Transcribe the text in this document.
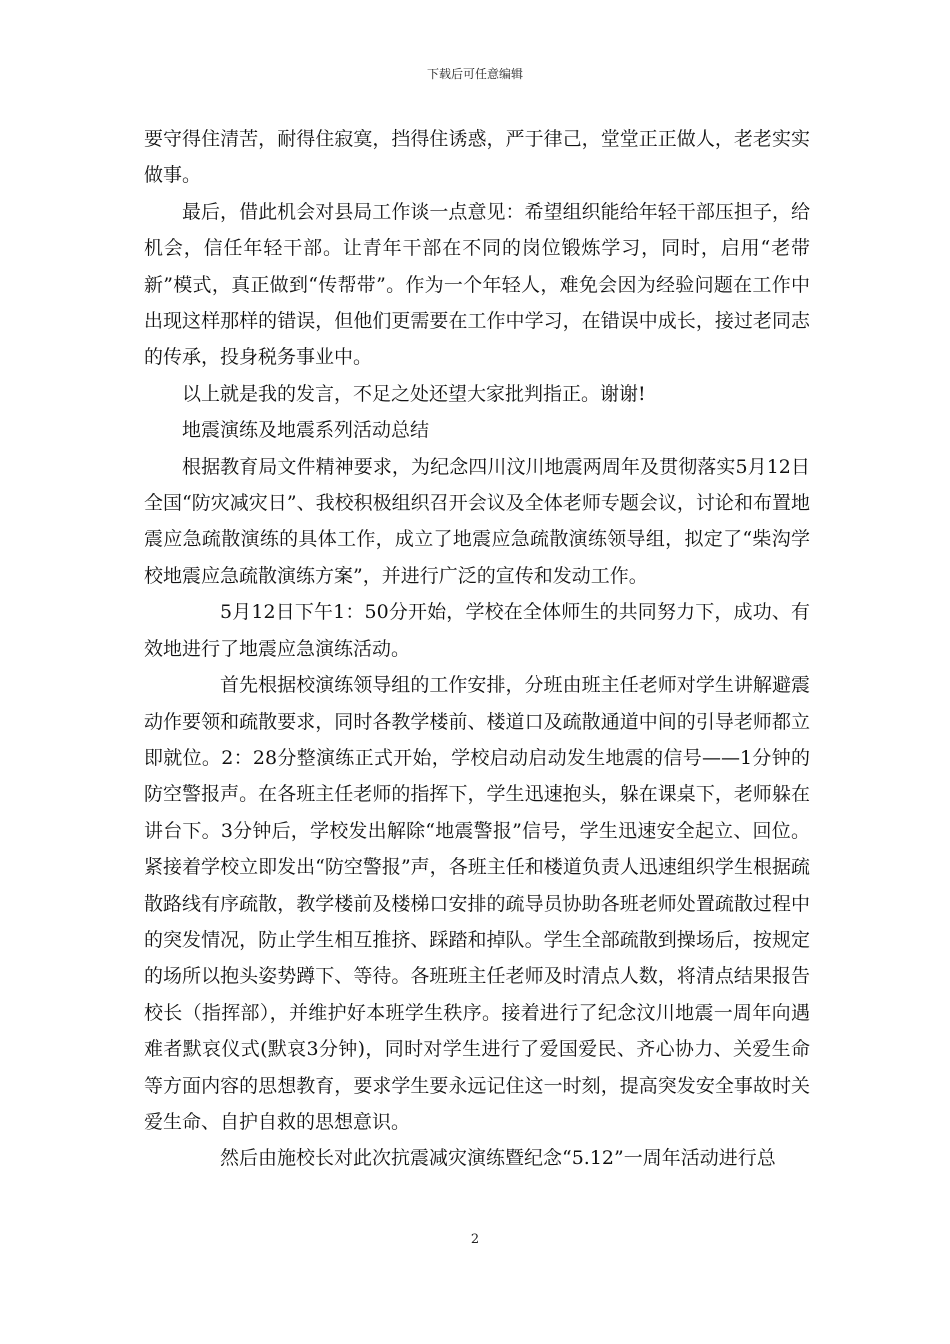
下载后可任意编辑

要守得住清苦，耐得住寂寞，挡得住诱惑，严于律己，堂堂正正做人，老老实实做事。

最后，借此机会对县局工作谈一点意见：希望组织能给年轻干部压担子，给机会，信任年轻干部。让青年干部在不同的岗位锻炼学习，同时，启用“老带新”模式，真正做到“传帮带”。作为一个年轻人，难免会因为经验问题在工作中出现这样那样的错误，但他们更需要在工作中学习，在错误中成长，接过老同志的传承，投身税务事业中。

以上就是我的发言，不足之处还望大家批判指正。谢谢!

地震演练及地震系列活动总结

根据教育局文件精神要求，为纪念四川汶川地震两周年及贯彻落实5月12日全国“防灾减灾日”、我校积极组织召开会议及全体老师专题会议，讨论和布置地震应急疏散演练的具体工作，成立了地震应急疏散演练领导组，拟定了“柴沟学校地震应急疏散演练方案”，并进行广泛的宣传和发动工作。

5月12日下午1：50分开始，学校在全体师生的共同努力下，成功、有效地进行了地震应急演练活动。

首先根据校演练领导组的工作安排，分班由班主任老师对学生讲解避震动作要领和疏散要求，同时各教学楼前、楼道口及疏散通道中间的引导老师都立即就位。2：28分整演练正式开始，学校启动启动发生地震的信号——1分钟的防空警报声。在各班主任老师的指挥下，学生迅速抱头，躲在课桌下，老师躲在讲台下。3分钟后，学校发出解除“地震警报”信号，学生迅速安全起立、回位。紧接着学校立即发出“防空警报”声，各班主任和楼道负责人迅速组织学生根据疏散路线有序疏散，教学楼前及楼梯口安排的疏导员协助各班老师处置疏散过程中的突发情况，防止学生相互推挤、踩踏和掉队。学生全部疏散到操场后，按规定的场所以抱头姿势蹲下、等待。各班班主任老师及时清点人数，将清点结果报告校长（指挥部），并维护好本班学生秩序。接着进行了纪念汶川地震一周年向遇难者默哀仪式(默哀3分钟)，同时对学生进行了爱国爱民、齐心协力、关爱生命等方面内容的思想教育，要求学生要永远记住这一时刻，提高突发安全事故时关爱生命、自护自救的思想意识。

然后由施校长对此次抗震减灾演练暨纪念“5.12”一周年活动进行总

2
